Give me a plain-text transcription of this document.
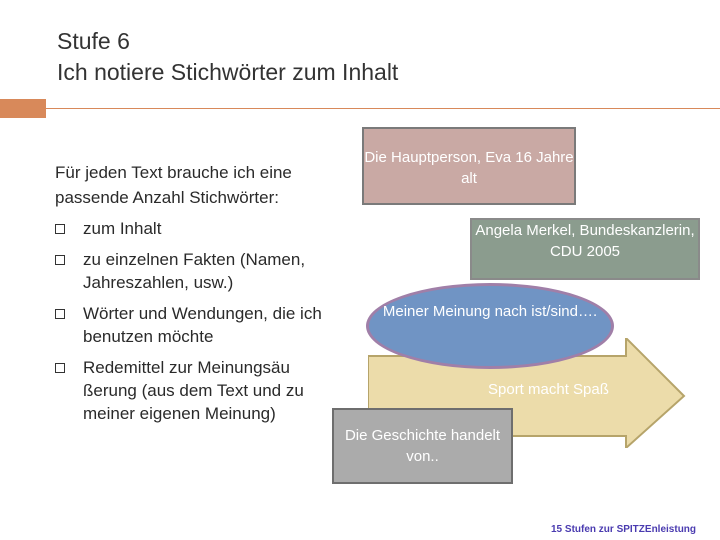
Stufe 6
Ich notiere Stichwörter zum Inhalt
Für jeden Text brauche ich eine
passende Anzahl Stichwörter:
zum Inhalt
zu einzelnen Fakten (Namen, Jahreszahlen, usw.)
Wörter und Wendungen, die ich benutzen möchte
Redemittel zur Meinungsäu ßerung (aus dem Text und zu meiner eigenen Meinung)
Die Hauptperson, Eva 16 Jahre alt
Angela Merkel, Bundeskanzlerin, CDU 2005
Sport macht Spaß
Meiner Meinung nach ist/sind….
Die Geschichte handelt von..
15 Stufen zur SPITZEnleistung
